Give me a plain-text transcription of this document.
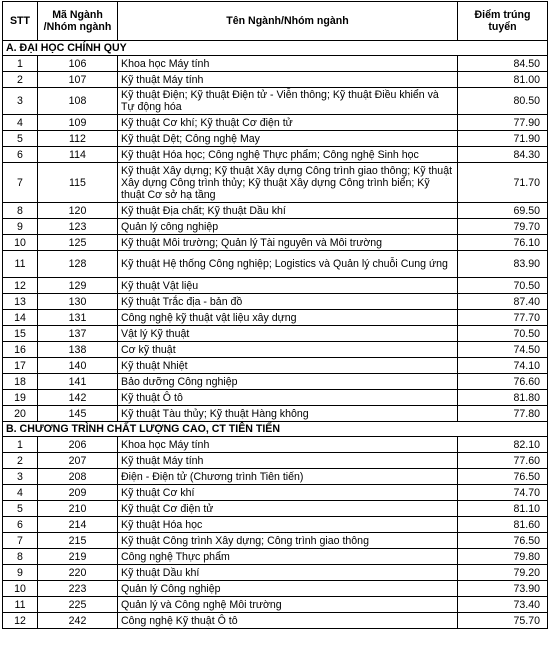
STT	Mã Ngành /Nhóm ngành	Tên Ngành/Nhóm ngành	Điểm trúng tuyển
A. ĐẠI HỌC CHÍNH QUY			
1	106	Khoa học Máy tính	84.50
2	107	Kỹ thuật Máy tính	81.00
3	108	Kỹ thuật Điện; Kỹ thuật Điện tử - Viễn thông; Kỹ thuật Điều khiển và Tự động hóa	80.50
4	109	Kỹ thuật Cơ khí; Kỹ thuật Cơ điện tử	77.90
5	112	Kỹ thuật Dệt; Công nghệ May	71.90
6	114	Kỹ thuật Hóa học; Công nghệ Thực phẩm; Công nghệ Sinh học	84.30
7	115	Kỹ thuật Xây dựng; Kỹ thuật Xây dựng Công trình giao thông; Kỹ thuật Xây dựng Công trình thủy; Kỹ thuật Xây dựng Công trình biển; Kỹ thuật Cơ sở hạ tầng	71.70
8	120	Kỹ thuật Địa chất; Kỹ thuật Dầu khí	69.50
9	123	Quản lý công nghiệp	79.70
10	125	Kỹ thuật Môi trường; Quản lý Tài nguyên và Môi trường	76.10
11	128	Kỹ thuật Hệ thống Công nghiệp; Logistics và Quản lý chuỗi Cung ứng	83.90
12	129	Kỹ thuật Vật liệu	70.50
13	130	Kỹ thuật Trắc địa - bản đồ	87.40
14	131	Công nghệ kỹ thuật vật liệu xây dựng	77.70
15	137	Vật lý Kỹ thuật	70.50
16	138	Cơ kỹ thuật	74.50
17	140	Kỹ thuật Nhiệt	74.10
18	141	Bảo dưỡng Công nghiệp	76.60
19	142	Kỹ thuật Ô tô	81.80
20	145	Kỹ thuật Tàu thủy; Kỹ thuật Hàng không	77.80
B. CHƯƠNG TRÌNH CHẤT LƯỢNG CAO, CT TIÊN TIẾN			
1	206	Khoa học Máy tính	82.10
2	207	Kỹ thuật Máy tính	77.60
3	208	Điện - Điện tử (Chương trình Tiên tiến)	76.50
4	209	Kỹ thuật Cơ khí	74.70
5	210	Kỹ thuật Cơ điện tử	81.10
6	214	Kỹ thuật Hóa học	81.60
7	215	Kỹ thuật Công trình Xây dựng; Công trình giao thông	76.50
8	219	Công nghệ Thực phẩm	79.80
9	220	Kỹ thuật Dầu khí	79.20
10	223	Quản lý Công nghiệp	73.90
11	225	Quản lý và Công nghệ Môi trường	73.40
12	242	Công nghệ Kỹ thuật Ô tô	75.70
